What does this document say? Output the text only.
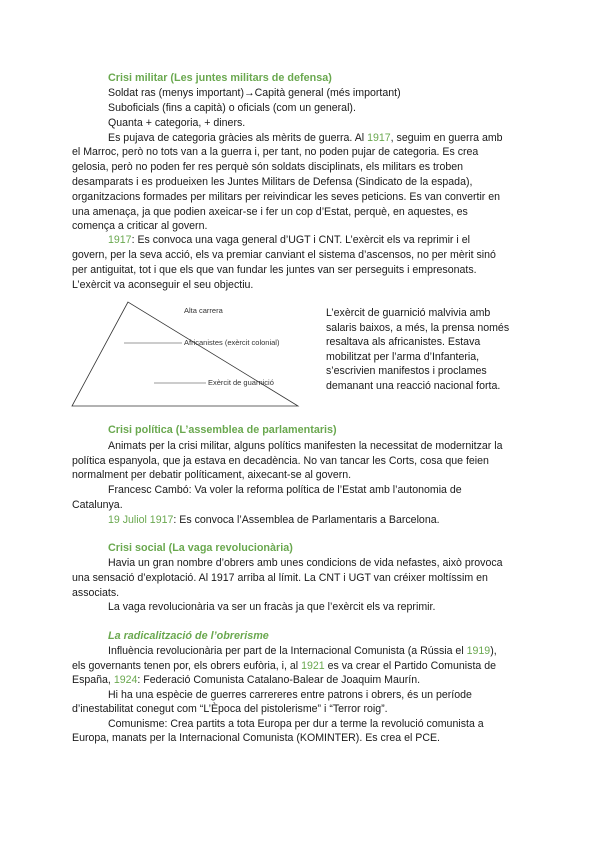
Crisi militar (Les juntes militars de defensa)
Soldat ras (menys important)→Capità general (més important)
Suboficials (fins a capità) o oficials (com un general).
Quanta + categoria, + diners.
Es pujava de categoria gràcies als mèrits de guerra. Al 1917, seguim en guerra amb
el Marroc, però no tots van a la guerra i, per tant, no poden pujar de categoria. Es crea
gelosia, però no poden fer res perquè són soldats disciplinats, els militars es troben
desamparats i es produeixen les Juntes Militars de Defensa (Sindicato de la espada),
organitzacions formades per militars per reivindicar les seves peticions. Es van convertir en
una amenaça, ja que podien axeicar-se i fer un cop d’Estat, perquè, en aquestes, es
comença a criticar al govern.
1917: Es convoca una vaga general d’UGT i CNT. L’exèrcit els va reprimir i el
govern, per la seva acció, els va premiar canviant el sistema d’ascensos, no per mèrit sinó
per antiguitat, tot i que els que van fundar les juntes van ser perseguits i empresonats.
L’exèrcit va aconseguir el seu objectiu.
Alta carrera
Africanistes (exèrcit colonial)
Exèrcit de guarnició
L’exèrcit de guarnició malvivia amb
salaris baixos, a més, la prensa només
resaltava als africanistes. Estava
mobilitzat per l’arma d’Infanteria,
s’escrivien manifestos i proclames
demanant una reacció nacional forta.
Crisi política (L’assemblea de parlamentaris)
Animats per la crisi militar, alguns polítics manifesten la necessitat de modernitzar la
política espanyola, que ja estava en decadència. No van tancar les Corts, cosa que feien
normalment per debatir políticament, aixecant-se al govern.
Francesc Cambó: Va voler la reforma política de l’Estat amb l’autonomia de
Catalunya.
19 Juliol 1917: Es convoca l’Assemblea de Parlamentaris a Barcelona.
Crisi social (La vaga revolucionària)
Havia un gran nombre d’obrers amb unes condicions de vida nefastes, això provoca
una sensació d’explotació. Al 1917 arriba al límit. La CNT i UGT van créixer moltíssim en
associats.
La vaga revolucionària va ser un fracàs ja que l’exèrcit els va reprimir.
La radicalització de l’obrerisme
Influència revolucionària per part de la Internacional Comunista (a Rússia el 1919),
els governants tenen por, els obrers eufòria, i, al 1921 es va crear el Partido Comunista de
España, 1924: Federació Comunista Catalano-Balear de Joaquim Maurín.
Hi ha una espècie de guerres carrereres entre patrons i obrers, és un període
d’inestabilitat conegut com “L’Època del pistolerisme” i “Terror roig”.
Comunisme: Crea partits a tota Europa per dur a terme la revolució comunista a
Europa, manats per la Internacional Comunista (KOMINTER). Es crea el PCE.
